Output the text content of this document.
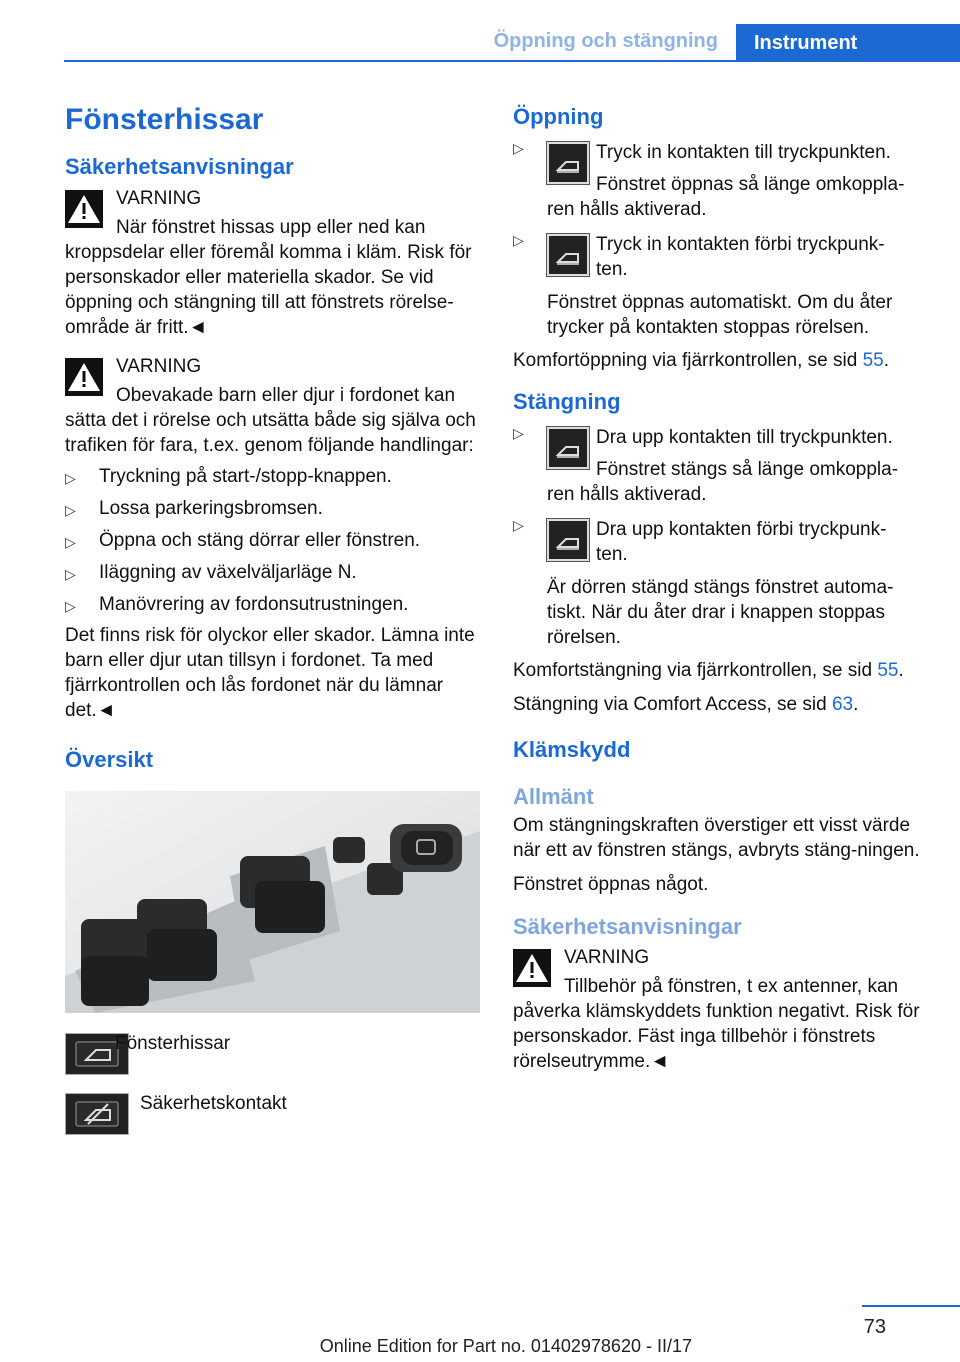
Öppning och stängning	Instrument
Fönsterhissar
Säkerhetsanvisningar

VARNING

När fönstret hissas upp eller ned kan

kroppsdelar eller föremål komma i kläm. Risk för personskador eller materiella skador. Se vid öppning och stängning till att fönstrets rörelse-område är fritt.◄

VARNING

Obevakade barn eller djur i fordonet kan

sätta det i rörelse och utsätta både sig själva och trafiken för fara, t.ex. genom följande handlingar:

▷ Tryckning på start-/stopp-knappen.
▷ Lossa parkeringsbromsen.
▷ Öppna och stäng dörrar eller fönstren.
▷ Iläggning av växelväljarläge N.
▷ Manövrering av fordonsutrustningen.

Det finns risk för olyckor eller skador. Lämna inte barn eller djur utan tillsyn i fordonet. Ta med fjärrkontrollen och lås fordonet när du lämnar det.◄

Översikt
Fönsterhissar
Säkerhetskontakt
Öppning
▷	Tryck in kontakten till tryckpunkten.

Fönstret öppnas så länge omkoppla-

ren hålls aktiverad.

▷	Tryck in kontakten förbi tryckpunk-

ten.

Fönstret öppnas automatiskt. Om du åter trycker på kontakten stoppas rörelsen.

Komfortöppning via fjärrkontrollen, se sid 55.

Stängning
▷	Dra upp kontakten till tryckpunkten.

Fönstret stängs så länge omkoppla-

ren hålls aktiverad.

▷	Dra upp kontakten förbi tryckpunk-

ten.

Är dörren stängd stängs fönstret automa-tiskt. När du åter drar i knappen stoppas rörelsen.

Komfortstängning via fjärrkontrollen, se sid 55.

Stängning via Comfort Access, se sid 63.

Klämskydd
Allmänt

Om stängningskraften överstiger ett visst värde när ett av fönstren stängs, avbryts stäng-ningen.

Fönstret öppnas något.

Säkerhetsanvisningar

VARNING

Tillbehör på fönstren, t ex antenner, kan

påverka klämskyddets funktion negativt. Risk för personskador. Fäst inga tillbehör i fönstrets rörelseutrymme.◄

73
Online Edition for Part no. 01402978620 - II/17
